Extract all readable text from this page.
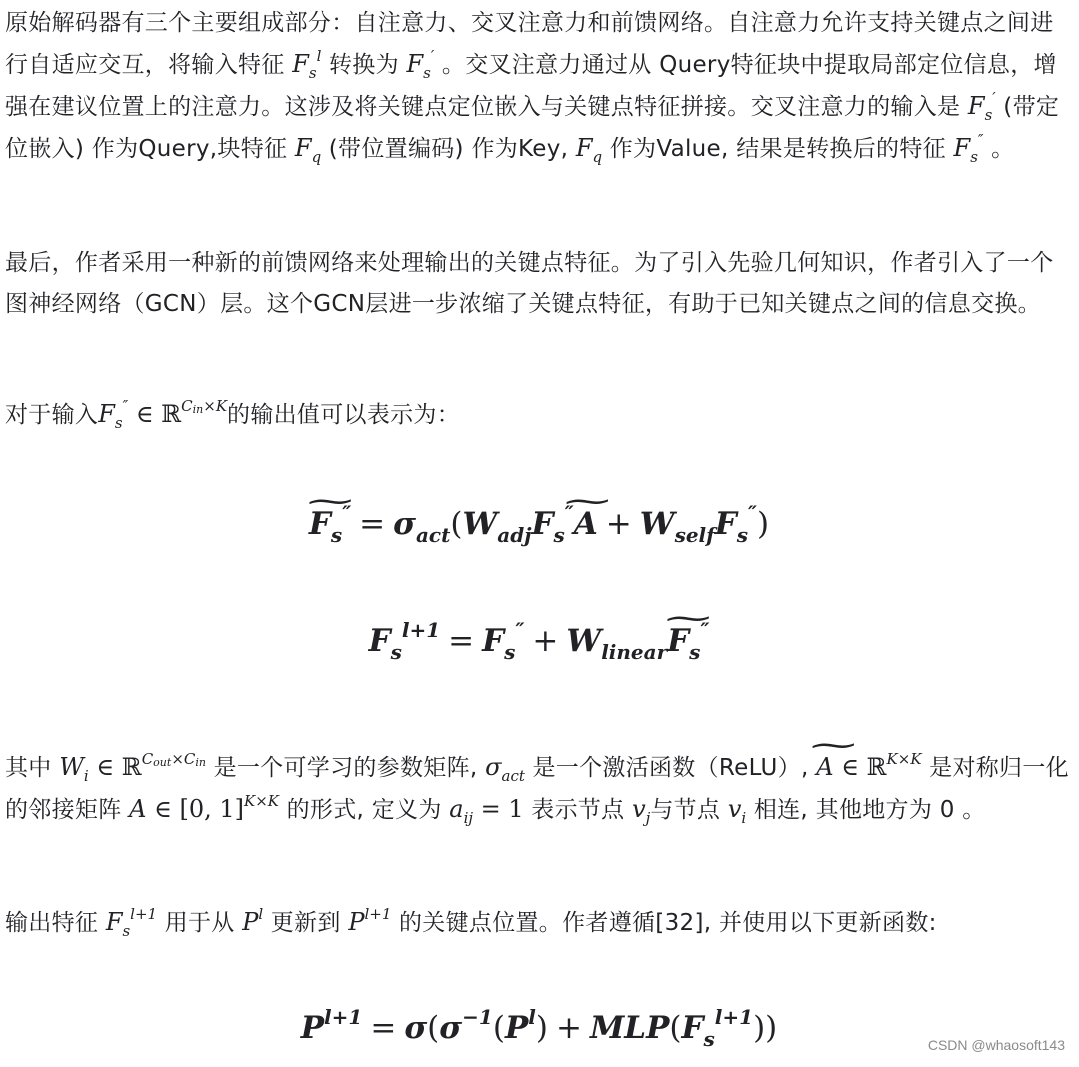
原始解码器有三个主要组成部分：自注意力、交叉注意力和前馈网络。自注意力允许支持关键点之间进行自适应交互，将输入特征 $F_s^l$ 转换为 $F_s'$ 。交叉注意力通过从 Query特征块中提取局部定位信息，增强在建议位置上的注意力。这涉及将关键点定位嵌入与关键点特征拼接。交叉注意力的输入是 $F_s'$ (带定位嵌入) 作为Query,块特征 $F_q$ (带位置编码) 作为Key, $F_q$ 作为Value, 结果是转换后的特征 $F_s''$ 。

最后，作者采用一种新的前馈网络来处理输出的关键点特征。为了引入先验几何知识，作者引入了一个图神经网络（GCN）层。这个GCN层进一步浓缩了关键点特征，有助于已知关键点之间的信息交换。

对于输入$F_s''$ ∈ ℝ$^{C_{in}\times K}$的输出值可以表示为：

~ $F_s''$ = $\sigma_{act}(W_{adj}F_s''\sim$ $A + W_{self}F_s''$)
$F_s^{l+1} = F_s''$ + $W_{linear}\sim$ $F_s''$

其中 $W_i$ ∈ ℝ$^{C_{out}\times C_{in}}$ 是一个可学习的参数矩阵, $\sigma_{act}$ 是一个激活函数（ReLU）, ~ A ∈ ℝ$^{K\times K}$ 是对称归一化的邻接矩阵 A ∈ [0, 1]$^{K\times K}$ 的形式, 定义为 $a_{ij} = 1$ 表示节点 $v_j$与节点 $v_i$ 相连, 其他地方为 0 。

输出特征 $F_s^{l+1}$ 用于从 $P^l$ 更新到 $P^{l+1}$ 的关键点位置。作者遵循[32], 并使用以下更新函数:

$P^{l+1} = \sigma(\sigma^{-1}(P^l) + MLP(F_s^{l+1}))$	CSDN @whaosoft143
